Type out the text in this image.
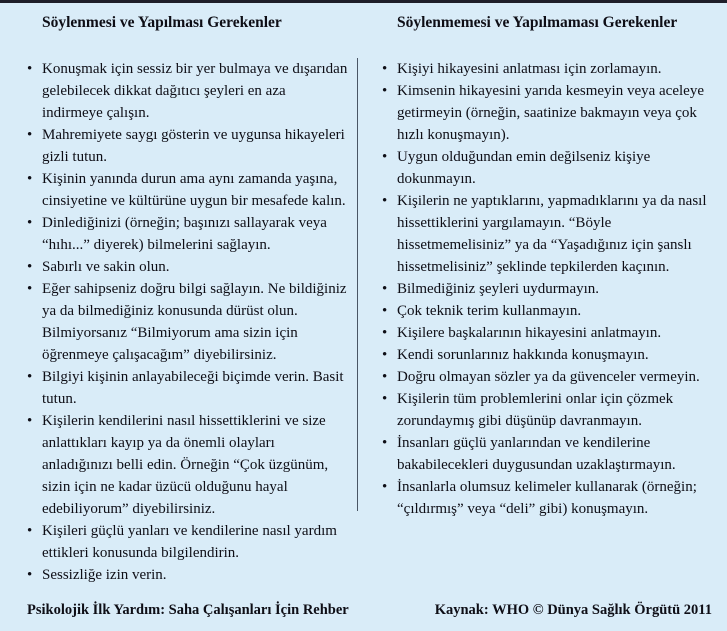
Söylenmesi ve Yapılması Gerekenler
• Konuşmak için sessiz bir yer bulmaya ve dışarıdan gelebilecek dikkat dağıtıcı şeyleri en aza indirmeye çalışın.
• Mahremiyete saygı gösterin ve uygunsa hikayeleri gizli tutun.
• Kişinin yanında durun ama aynı zamanda yaşına, cinsiyetine ve kültürüne uygun bir mesafede kalın.
• Dinlediğinizi (örneğin; başınızı sallayarak veya “hıhı...” diyerek) bilmelerini sağlayın.
• Sabırlı ve sakin olun.
• Eğer sahipseniz doğru bilgi sağlayın. Ne bildiğiniz ya da bilmediğiniz konusunda dürüst olun. Bilmiyorsanız “Bilmiyorum ama sizin için öğrenmeye çalışacağım” diyebilirsiniz.
• Bilgiyi kişinin anlayabileceği biçimde verin. Basit tutun.
• Kişilerin kendilerini nasıl hissettiklerini ve size anlattıkları kayıp ya da önemli olayları anladığınızı belli edin. Örneğin “Çok üzgünüm, sizin için ne kadar üzücü olduğunu hayal edebiliyorum” diyebilirsiniz.
• Kişileri güçlü yanları ve kendilerine nasıl yardım ettikleri konusunda bilgilendirin.
• Sessizliğe izin verin.
Söylenmemesi ve Yapılmaması Gerekenler
• Kişiyi hikayesini anlatması için zorlamayın.
• Kimsenin hikayesini yarıda kesmeyin veya aceleye getirmeyin (örneğin, saatinize bakmayın veya çok hızlı konuşmayın).
• Uygun olduğundan emin değilseniz kişiye dokunmayın.
• Kişilerin ne yaptıklarını, yapmadıklarını ya da nasıl hissettiklerini yargılamayın. “Böyle hissetmemelisiniz” ya da “Yaşadığınız için şanslı hissetmelisiniz” şeklinde tepkilerden kaçının.
• Bilmediğiniz şeyleri uydurmayın.
• Çok teknik terim kullanmayın.
• Kişilere başkalarının hikayesini anlatmayın.
• Kendi sorunlarınız hakkında konuşmayın.
• Doğru olmayan sözler ya da güvenceler vermeyin.
• Kişilerin tüm problemlerini onlar için çözmek zorundaymış gibi düşünüp davranmayın.
• İnsanları güçlü yanlarından ve kendilerine bakabilecekleri duygusundan uzaklaştırmayın.
• İnsanlarla olumsuz kelimeler kullanarak (örneğin; “çıldırmış” veya “deli” gibi) konuşmayın.
Psikolojik İlk Yardım: Saha Çalışanları İçin Rehber	Kaynak: WHO © Dünya Sağlık Örgütü 2011
